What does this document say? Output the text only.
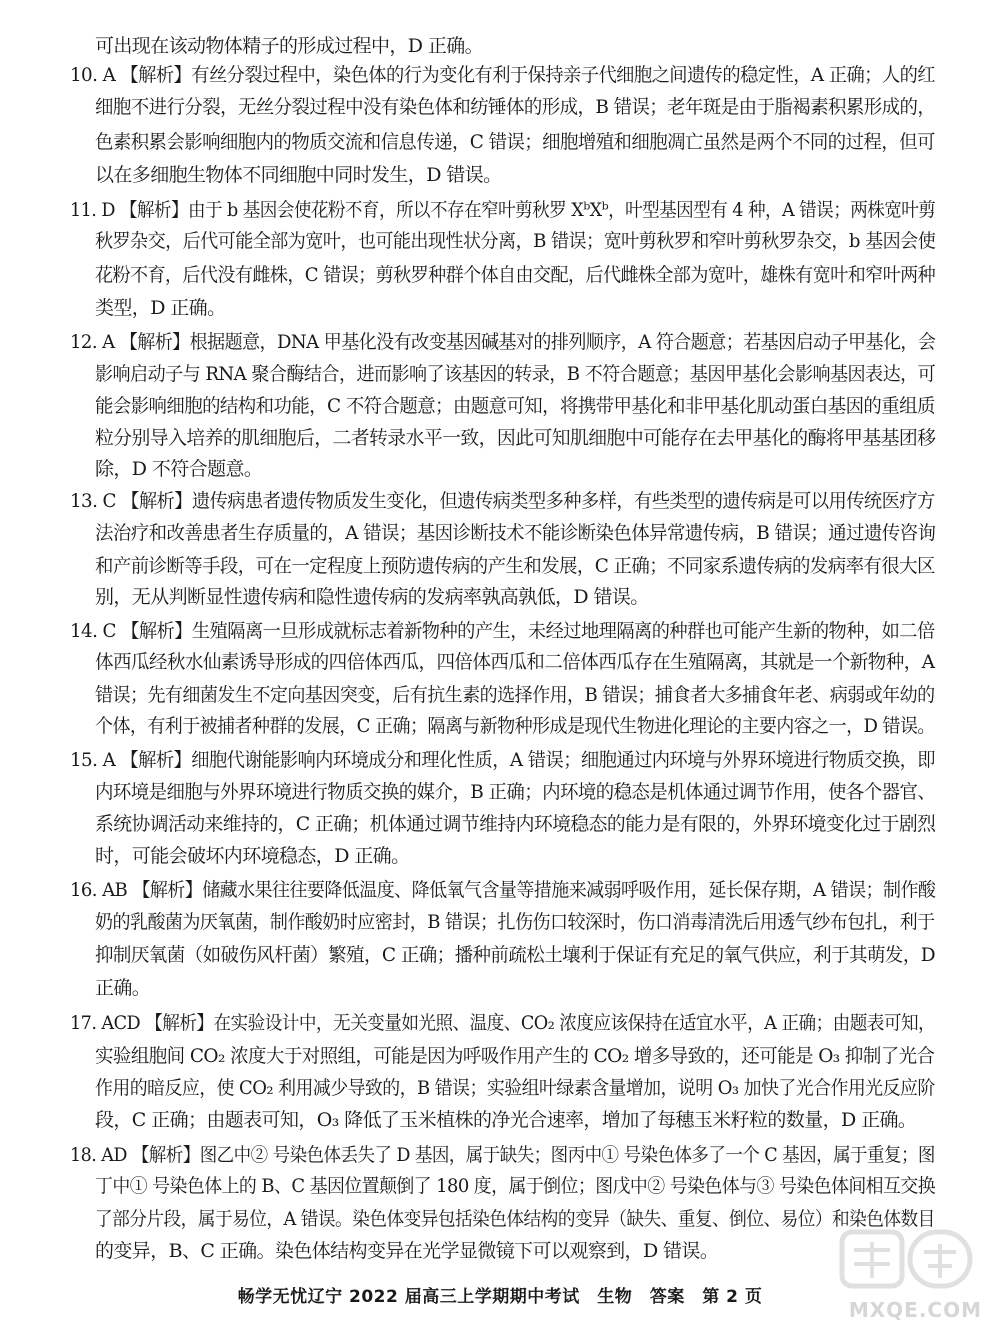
可出现在该动物体精子的形成过程中，D 正确。
10. A 【解析】有丝分裂过程中，染色体的行为变化有利于保持亲子代细胞之间遗传的稳定性，A 正确；人的红
细胞不进行分裂，无丝分裂过程中没有染色体和纺锤体的形成，B 错误；老年斑是由于脂褐素积累形成的，
色素积累会影响细胞内的物质交流和信息传递，C 错误；细胞增殖和细胞凋亡虽然是两个不同的过程，但可
以在多细胞生物体不同细胞中同时发生，D 错误。
11. D 【解析】由于 b 基因会使花粉不育，所以不存在窄叶剪秋罗 XᵇXᵇ，叶型基因型有 4 种，A 错误；两株宽叶剪
秋罗杂交，后代可能全部为宽叶，也可能出现性状分离，B 错误；宽叶剪秋罗和窄叶剪秋罗杂交，b 基因会使
花粉不育，后代没有雌株，C 错误；剪秋罗种群个体自由交配，后代雌株全部为宽叶，雄株有宽叶和窄叶两种
类型，D 正确。
12. A 【解析】根据题意，DNA 甲基化没有改变基因碱基对的排列顺序，A 符合题意；若基因启动子甲基化，会
影响启动子与 RNA 聚合酶结合，进而影响了该基因的转录，B 不符合题意；基因甲基化会影响基因表达，可
能会影响细胞的结构和功能，C 不符合题意；由题意可知，将携带甲基化和非甲基化肌动蛋白基因的重组质
粒分别导入培养的肌细胞后，二者转录水平一致，因此可知肌细胞中可能存在去甲基化的酶将甲基基团移
除，D 不符合题意。
13. C 【解析】遗传病患者遗传物质发生变化，但遗传病类型多种多样，有些类型的遗传病是可以用传统医疗方
法治疗和改善患者生存质量的，A 错误；基因诊断技术不能诊断染色体异常遗传病，B 错误；通过遗传咨询
和产前诊断等手段，可在一定程度上预防遗传病的产生和发展，C 正确；不同家系遗传病的发病率有很大区
别，无从判断显性遗传病和隐性遗传病的发病率孰高孰低，D 错误。
14. C 【解析】生殖隔离一旦形成就标志着新物种的产生，未经过地理隔离的种群也可能产生新的物种，如二倍
体西瓜经秋水仙素诱导形成的四倍体西瓜，四倍体西瓜和二倍体西瓜存在生殖隔离，其就是一个新物种，A
错误；先有细菌发生不定向基因突变，后有抗生素的选择作用，B 错误；捕食者大多捕食年老、病弱或年幼的
个体，有利于被捕者种群的发展，C 正确；隔离与新物种形成是现代生物进化理论的主要内容之一，D 错误。
15. A 【解析】细胞代谢能影响内环境成分和理化性质，A 错误；细胞通过内环境与外界环境进行物质交换，即
内环境是细胞与外界环境进行物质交换的媒介，B 正确；内环境的稳态是机体通过调节作用，使各个器官、
系统协调活动来维持的，C 正确；机体通过调节维持内环境稳态的能力是有限的，外界环境变化过于剧烈
时，可能会破坏内环境稳态，D 正确。
16. AB 【解析】储藏水果往往要降低温度、降低氧气含量等措施来减弱呼吸作用，延长保存期，A 错误；制作酸
奶的乳酸菌为厌氧菌，制作酸奶时应密封，B 错误；扎伤伤口较深时，伤口消毒清洗后用透气纱布包扎，利于
抑制厌氧菌（如破伤风杆菌）繁殖，C 正确；播种前疏松土壤利于保证有充足的氧气供应，利于其萌发，D
正确。
17. ACD 【解析】在实验设计中，无关变量如光照、温度、CO₂ 浓度应该保持在适宜水平，A 正确；由题表可知，
实验组胞间 CO₂ 浓度大于对照组，可能是因为呼吸作用产生的 CO₂ 增多导致的，还可能是 O₃ 抑制了光合
作用的暗反应，使 CO₂ 利用减少导致的，B 错误；实验组叶绿素含量增加，说明 O₃ 加快了光合作用光反应阶
段，C 正确；由题表可知，O₃ 降低了玉米植株的净光合速率，增加了每穗玉米籽粒的数量，D 正确。
18. AD 【解析】图乙中② 号染色体丢失了 D 基因，属于缺失；图丙中① 号染色体多了一个 C 基因，属于重复；图
丁中① 号染色体上的 B、C 基因位置颠倒了 180 度，属于倒位；图戊中② 号染色体与③ 号染色体间相互交换
了部分片段，属于易位，A 错误。染色体变异包括染色体结构的变异（缺失、重复、倒位、易位）和染色体数目
的变异，B、C 正确。染色体结构变异在光学显微镜下可以观察到，D 错误。
畅学无忧辽宁 2022 届高三上学期期中考试　生物　答案　第 2 页
MXQE.COM
